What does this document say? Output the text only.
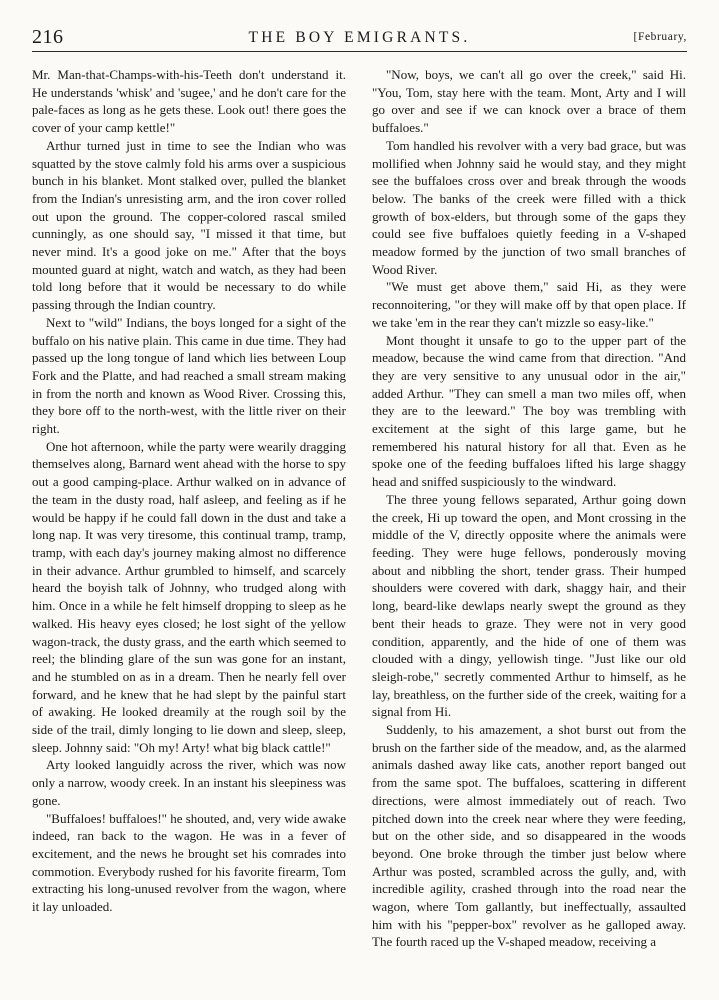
216	THE BOY EMIGRANTS.	[February,

Mr. Man-that-Champs-with-his-Teeth don't understand it. He understands 'whisk' and 'sugee,' and he don't care for the pale-faces as long as he gets these. Look out! there goes the cover of your camp kettle!"

Arthur turned just in time to see the Indian who was squatted by the stove calmly fold his arms over a suspicious bunch in his blanket. Mont stalked over, pulled the blanket from the Indian's unresisting arm, and the iron cover rolled out upon the ground. The copper-colored rascal smiled cunningly, as one should say, "I missed it that time, but never mind. It's a good joke on me." After that the boys mounted guard at night, watch and watch, as they had been told long before that it would be necessary to do while passing through the Indian country.

Next to "wild" Indians, the boys longed for a sight of the buffalo on his native plain. This came in due time. They had passed up the long tongue of land which lies between Loup Fork and the Platte, and had reached a small stream making in from the north and known as Wood River. Crossing this, they bore off to the north-west, with the little river on their right.

One hot afternoon, while the party were wearily dragging themselves along, Barnard went ahead with the horse to spy out a good camping-place. Arthur walked on in advance of the team in the dusty road, half asleep, and feeling as if he would be happy if he could fall down in the dust and take a long nap. It was very tiresome, this continual tramp, tramp, tramp, with each day's journey making almost no difference in their advance. Arthur grumbled to himself, and scarcely heard the boyish talk of Johnny, who trudged along with him. Once in a while he felt himself dropping to sleep as he walked. His heavy eyes closed; he lost sight of the yellow wagon-track, the dusty grass, and the earth which seemed to reel; the blinding glare of the sun was gone for an instant, and he stumbled on as in a dream. Then he nearly fell over forward, and he knew that he had slept by the painful start of awaking. He looked dreamily at the rough soil by the side of the trail, dimly longing to lie down and sleep, sleep, sleep. Johnny said: "Oh my! Arty! what big black cattle!"

Arty looked languidly across the river, which was now only a narrow, woody creek. In an instant his sleepiness was gone.

"Buffaloes! buffaloes!" he shouted, and, very wide awake indeed, ran back to the wagon. He was in a fever of excitement, and the news he brought set his comrades into commotion. Everybody rushed for his favorite firearm, Tom extracting his long-unused revolver from the wagon, where it lay unloaded.

"Now, boys, we can't all go over the creek," said Hi. "You, Tom, stay here with the team. Mont, Arty and I will go over and see if we can knock over a brace of them buffaloes."

Tom handled his revolver with a very bad grace, but was mollified when Johnny said he would stay, and they might see the buffaloes cross over and break through the woods below. The banks of the creek were filled with a thick growth of box-elders, but through some of the gaps they could see five buffaloes quietly feeding in a V-shaped meadow formed by the junction of two small branches of Wood River.

"We must get above them," said Hi, as they were reconnoitering, "or they will make off by that open place. If we take 'em in the rear they can't mizzle so easy-like."

Mont thought it unsafe to go to the upper part of the meadow, because the wind came from that direction. "And they are very sensitive to any unusual odor in the air," added Arthur. "They can smell a man two miles off, when they are to the leeward." The boy was trembling with excitement at the sight of this large game, but he remembered his natural history for all that. Even as he spoke one of the feeding buffaloes lifted his large shaggy head and sniffed suspiciously to the windward.

The three young fellows separated, Arthur going down the creek, Hi up toward the open, and Mont crossing in the middle of the V, directly opposite where the animals were feeding. They were huge fellows, ponderously moving about and nibbling the short, tender grass. Their humped shoulders were covered with dark, shaggy hair, and their long, beard-like dewlaps nearly swept the ground as they bent their heads to graze. They were not in very good condition, apparently, and the hide of one of them was clouded with a dingy, yellowish tinge. "Just like our old sleigh-robe," secretly commented Arthur to himself, as he lay, breathless, on the further side of the creek, waiting for a signal from Hi.

Suddenly, to his amazement, a shot burst out from the brush on the farther side of the meadow, and, as the alarmed animals dashed away like cats, another report banged out from the same spot. The buffaloes, scattering in different directions, were almost immediately out of reach. Two pitched down into the creek near where they were feeding, but on the other side, and so disappeared in the woods beyond. One broke through the timber just below where Arthur was posted, scrambled across the gully, and, with incredible agility, crashed through into the road near the wagon, where Tom gallantly, but ineffectually, assaulted him with his "pepper-box" revolver as he galloped away. The fourth raced up the V-shaped meadow, receiving a
